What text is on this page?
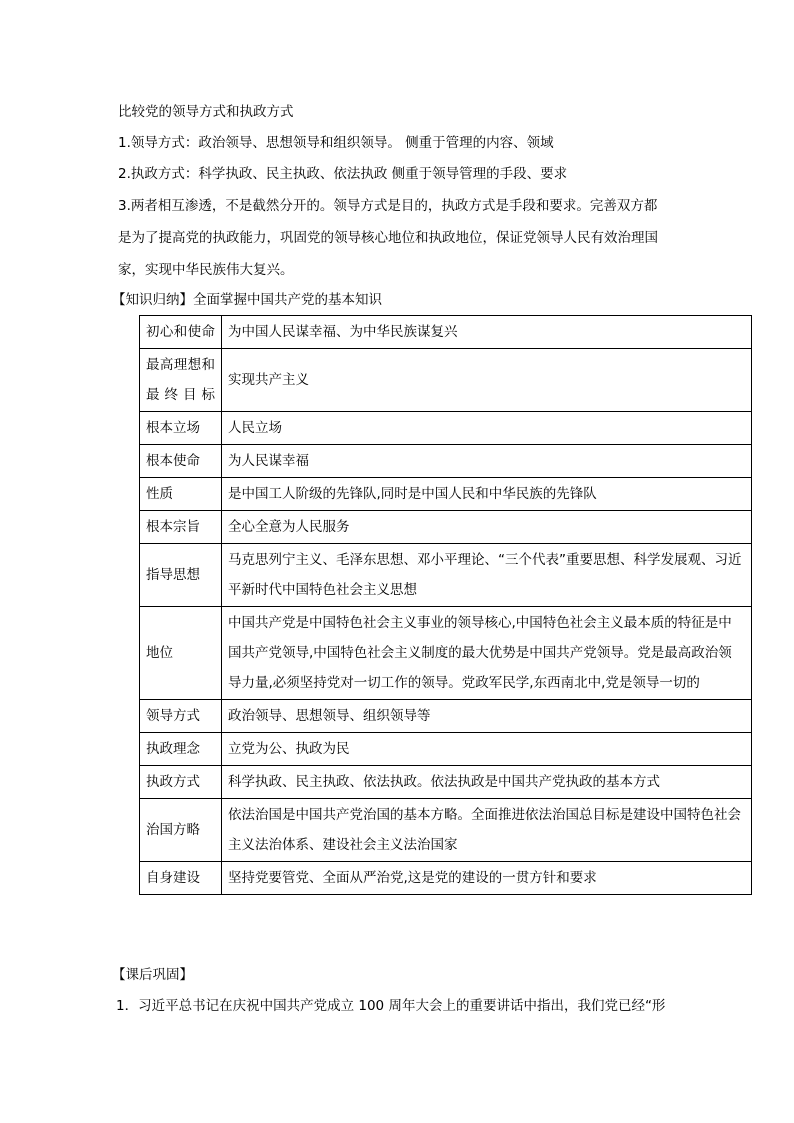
比较党的领导方式和执政方式
1.领导方式：政治领导、思想领导和组织领导。 侧重于管理的内容、领域
2.执政方式：科学执政、民主执政、依法执政 侧重于领导管理的手段、要求
3.两者相互渗透，不是截然分开的。领导方式是目的，执政方式是手段和要求。完善双方都
是为了提高党的执政能力，巩固党的领导核心地位和执政地位，保证党领导人民有效治理国
家，实现中华民族伟大复兴。
【知识归纳】全面掌握中国共产党的基本知识
初心和使命	为中国人民谋幸福、为中华民族谋复兴
最高理想和最终目标	实现共产主义
根本立场	人民立场
根本使命	为人民谋幸福
性质	是中国工人阶级的先锋队,同时是中国人民和中华民族的先锋队
根本宗旨	全心全意为人民服务
指导思想	马克思列宁主义、毛泽东思想、邓小平理论、“三个代表”重要思想、科学发展观、习近平新时代中国特色社会主义思想
地位	中国共产党是中国特色社会主义事业的领导核心,中国特色社会主义最本质的特征是中国共产党领导,中国特色社会主义制度的最大优势是中国共产党领导。党是最高政治领导力量,必须坚持党对一切工作的领导。党政军民学,东西南北中,党是领导一切的
领导方式	政治领导、思想领导、组织领导等
执政理念	立党为公、执政为民
执政方式	科学执政、民主执政、依法执政。依法执政是中国共产党执政的基本方式
治国方略	依法治国是中国共产党治国的基本方略。全面推进依法治国总目标是建设中国特色社会主义法治体系、建设社会主义法治国家
自身建设	坚持党要管党、全面从严治党,这是党的建设的一贯方针和要求
【课后巩固】
1．习近平总书记在庆祝中国共产党成立 100 周年大会上的重要讲话中指出，我们党已经“形
